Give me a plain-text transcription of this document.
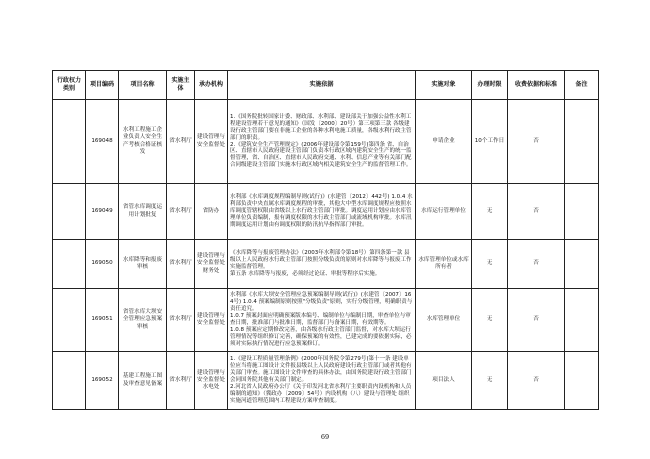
行政权力类别	项目编码	项目名称	实施主体	承办机构	实施依据	实施对象	办理时限	收费依据和标准	备注
	169048	水利工程施工企业负责人安全生产考核合格证核发	省水利厅	建设管理与安全监督处	1.《国务院批转国家计委、财政部、水利部、建设部关于加强公益性水利工程建设管理若干意见的通知》（国发〔2000〕20号）第三项第三款 各级建设行政主管部门要在非施工企业的各种水利电施工质量，各级水利行政主管部门的职责。

2.《建筑安全生产管理规定》(2006年建设部令第159号)第四条 省、自治区、直辖市人民政府建设主管部门负责本行政区域内建筑安全生产的统一监督管理，省、自治区、直辖市人民政府交通、水利、信息产业等有关部门配合同级建设主管部门实施本行政区域内相关建筑安全生产的监督管理工作。	申请企业	10个工作日	否	
	169049	省管水库调度运用计划批复	省水利厅	省防办	水利部《水库调度规程编制导则(试行)》(水建管〔2012〕442号) 1.0.4 水利部负责中央直属水库调度规程的审批，其他大中型水库调度规程应按照水库调度管辖权限由省级以上水行政主管部门审批。调度运用计划应由水库管理单位负责编制，报有调度权限的水行政主管部门或流域机构审批。水库汛期调度运用计划由有调度权限的防汛抗旱指挥部门审批。	水库运行管理单位	无	否	
	169050	水库降等和报废审核	省水利厅	建设管理与安全监督处 财务处	《水库降等与报废管理办法》（2003年水利部令第18号）第四条第一款 县级以上人民政府水行政主管部门按照分级负责的原则对水库降等与报废工作实施监督管理。

第五条 水库降等与报废，必须经过论证、审批等程序后实施。	水库管理单位或水库所有者	无	否	
	169051	省管水库大坝安全管理应急预案审核	省水利厅	建设管理与安全监督处	水利部《水库大坝安全管理应急预案编制导则(试行)》(水建管〔2007〕164号) 1.0.4 预案编制原则按照"分级负责"原则，实行分级管理，明确职责与责任追究。

1.0.7 预案封面应明确预案版本编号、编制单位与编制日期，审查单位与审查日期，批准部门与批准日期，监督部门与备案日期，有效期等。

1.0.8 预案应定期修改完善，由各级水行政主管部门监督，对水库大坝运行管理情况等组织修订完善，确保预案的有效性，已建完成的要依据实际，必须对实际执行情况进行应急预案修订。	水库管理单位	无	否	
	169052	基建工程施工图及审查意见备案	省水利厅	建设管理与安全监督处 水电处	1.《建设工程质量管理条例》(2000年国务院令第279号)第十一条 建设单位应当将施工图设计文件报县级以上人民政府建设行政主管部门或者其他有关部门审查。施工图设计文件审查的具体办法，由国务院建设行政主管部门会同国务院其他有关部门制定。

2.河北省人民政府办公厅《关于印发河北省水利厅主要职责内设机构和人员编制的通知》（冀政办〔2009〕54号）内设机构（八）建设与管理处 组织实施河道管理范围内工程建设方案审查制度。	项目法人	无	否	
69
